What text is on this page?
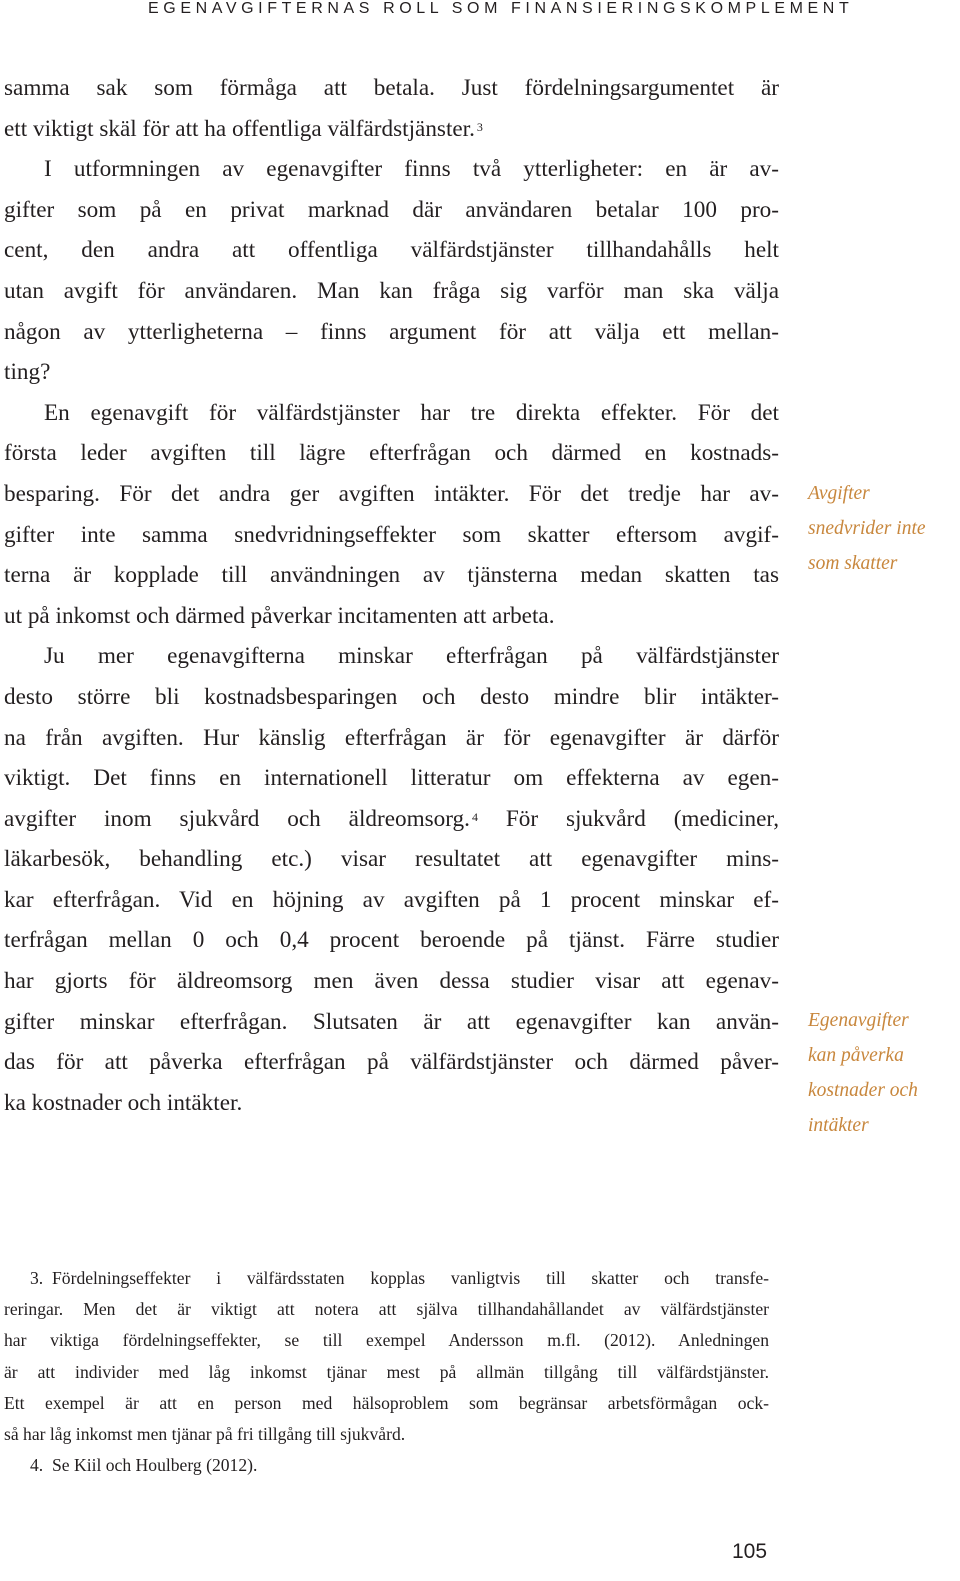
EGENAVGIFTERNAS ROLL SOM FINANSIERINGSKOMPLEMENT
samma sak som förmåga att betala. Just fördelningsargumentet är
ett viktigt skäl för att ha offentliga välfärdstjänster. $^3$
I utformningen av egenavgifter finns två ytterligheter: en är av-
gifter som på en privat marknad där användaren betalar 100 pro-
cent, den andra att offentliga välfärdstjänster tillhandahålls helt
utan avgift för användaren. Man kan fråga sig varför man ska välja
någon av ytterligheterna – finns argument för att välja ett mellan-
ting?
En egenavgift för välfärdstjänster har tre direkta effekter. För det
första leder avgiften till lägre efterfrågan och därmed en kostnads-
besparing. För det andra ger avgiften intäkter. För det tredje har av-
gifter inte samma snedvridningseffekter som skatter eftersom avgif-
terna är kopplade till användningen av tjänsterna medan skatten tas
ut på inkomst och därmed påverkar incitamenten att arbeta.
Ju mer egenavgifterna minskar efterfrågan på välfärdstjänster
desto större bli kostnadsbesparingen och desto mindre blir intäkter-
na från avgiften. Hur känslig efterfrågan är för egenavgifter är därför
viktigt. Det finns en internationell litteratur om effekterna av egen-
avgifter inom sjukvård och äldreomsorg. $^4$ För sjukvård (mediciner,
läkarbesök, behandling etc.) visar resultatet att egenavgifter mins-
kar efterfrågan. Vid en höjning av avgiften på 1 procent minskar ef-
terfrågan mellan 0 och 0,4 procent beroende på tjänst. Färre studier
har gjorts för äldreomsorg men även dessa studier visar att egenav-
gifter minskar efterfrågan. Slutsaten är att egenavgifter kan använ-
das för att påverka efterfrågan på välfärdstjänster och därmed påver-
ka kostnader och intäkter.
Avgifter
snedvrider inte
som skatter
Egenavgifter
kan påverka
kostnader och
intäkter
3. Fördelningseffekter i välfärdsstaten kopplas vanligtvis till skatter och transfe-
reringar. Men det är viktigt att notera att själva tillhandahållandet av välfärdstjänster
har viktiga fördelningseffekter, se till exempel Andersson m.fl. (2012). Anledningen
är att individer med låg inkomst tjänar mest på allmän tillgång till välfärdstjänster.
Ett exempel är att en person med hälsoproblem som begränsar arbetsförmågan ock-
så har låg inkomst men tjänar på fri tillgång till sjukvård.
4. Se Kiil och Houlberg (2012).
105
